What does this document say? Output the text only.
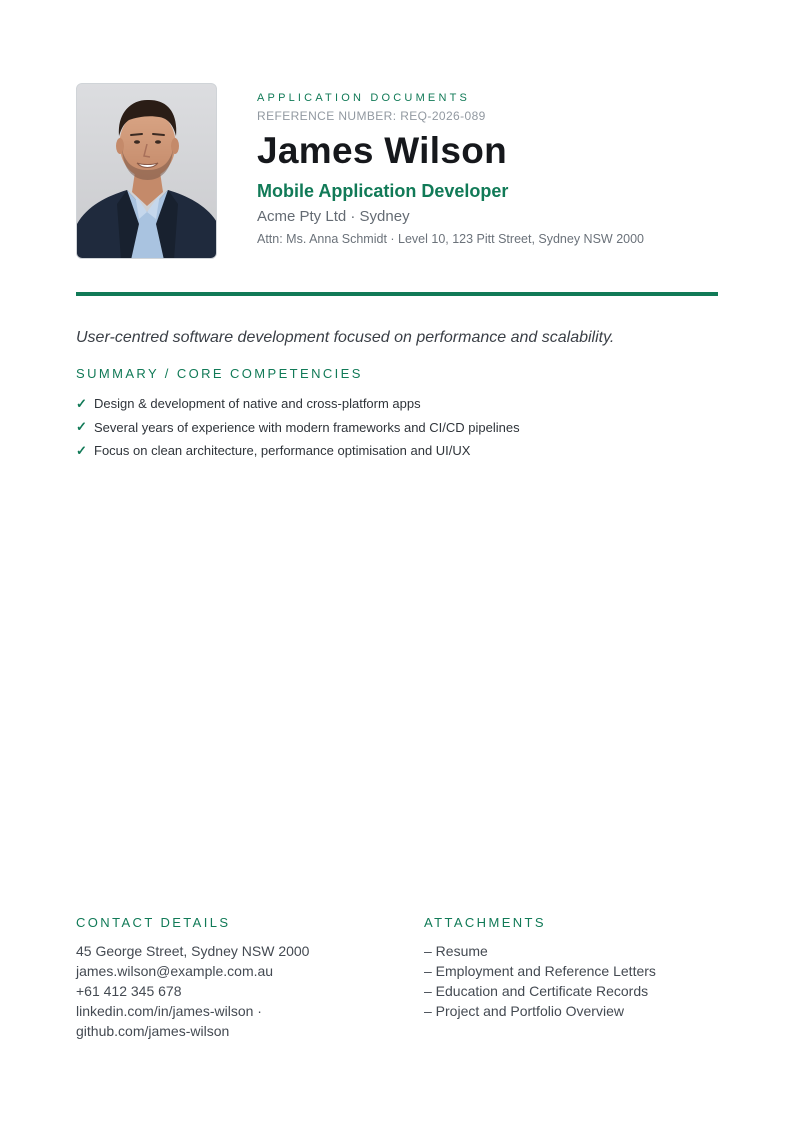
APPLICATION DOCUMENTS
REFERENCE NUMBER: REQ-2026-089
James Wilson
Mobile Application Developer
Acme Pty Ltd · Sydney
Attn: Ms. Anna Schmidt · Level 10, 123 Pitt Street, Sydney NSW 2000
User-centred software development focused on performance and scalability.
SUMMARY / CORE COMPETENCIES
✓ Design & development of native and cross-platform apps
✓ Several years of experience with modern frameworks and CI/CD pipelines
✓ Focus on clean architecture, performance optimisation and UI/UX
CONTACT DETAILS
45 George Street, Sydney NSW 2000
james.wilson@example.com.au
+61 412 345 678
linkedin.com/in/james-wilson · github.com/james-wilson
ATTACHMENTS
– Resume
– Employment and Reference Letters
– Education and Certificate Records
– Project and Portfolio Overview
